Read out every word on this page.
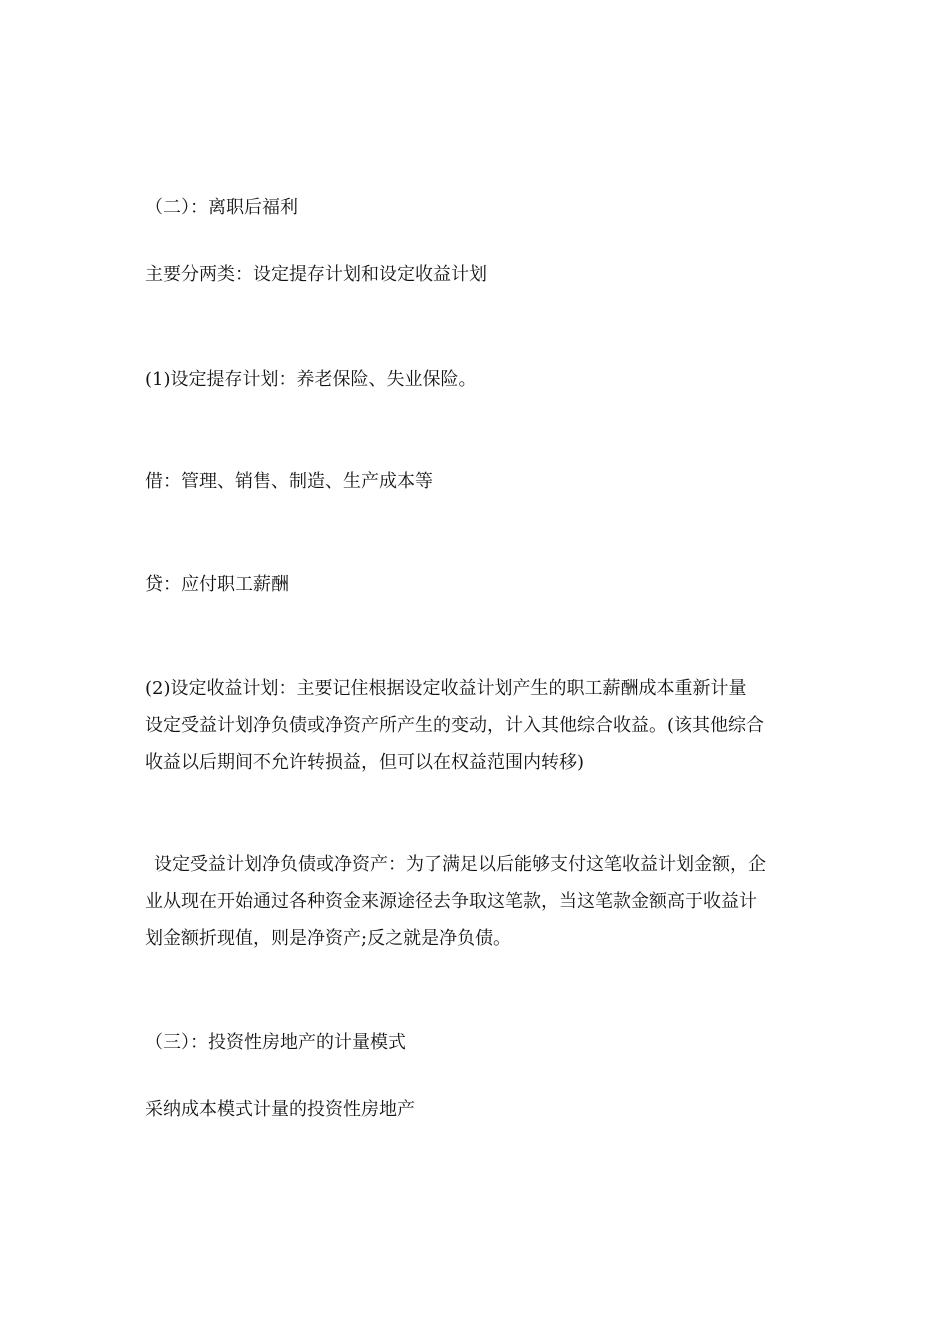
（二）：离职后福利

主要分两类：设定提存计划和设定收益计划

(1)设定提存计划：养老保险、失业保险。

借：管理、销售、制造、生产成本等

贷：应付职工薪酬

(2)设定收益计划：主要记住根据设定收益计划产生的职工薪酬成本重新计量
设定受益计划净负债或净资产所产生的变动，计入其他综合收益。(该其他综合
收益以后期间不允许转损益，但可以在权益范围内转移)
设定受益计划净负债或净资产：为了满足以后能够支付这笔收益计划金额，企
业从现在开始通过各种资金来源途径去争取这笔款，当这笔款金额高于收益计
划金额折现值，则是净资产;反之就是净负债。

（三）：投资性房地产的计量模式

采纳成本模式计量的投资性房地产
